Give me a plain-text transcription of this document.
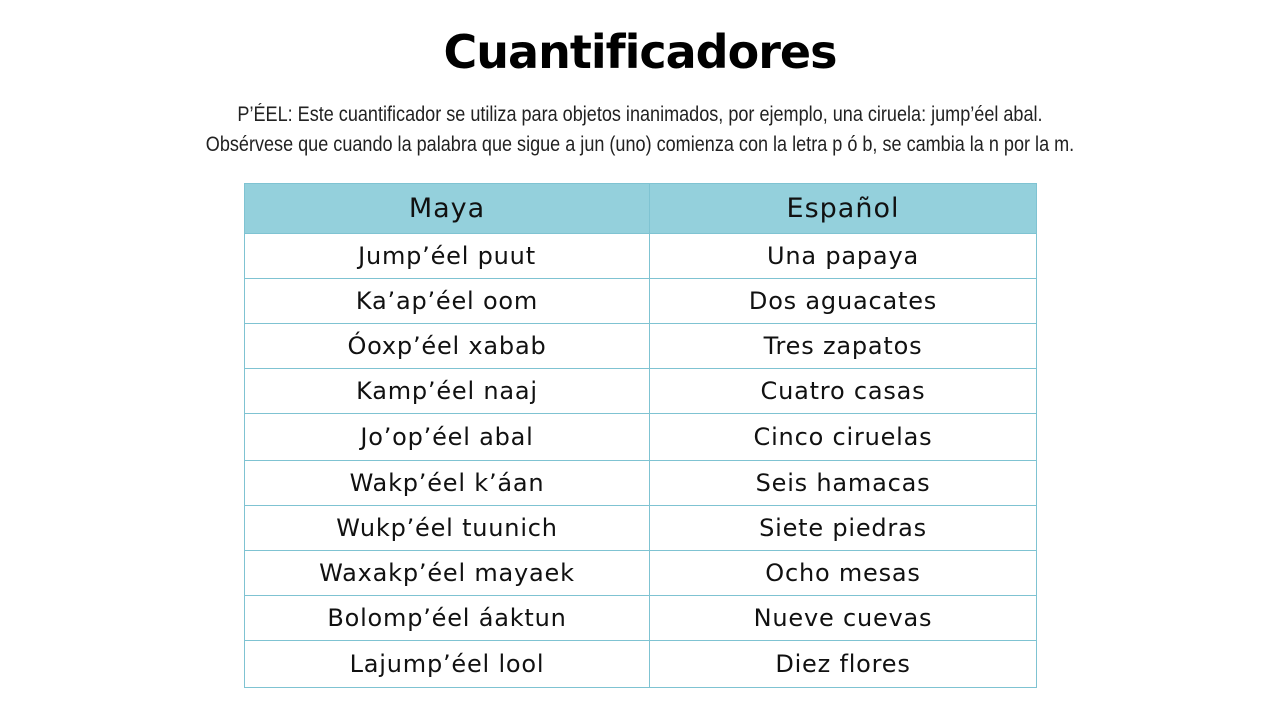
Cuantificadores
P’ÉEL: Este cuantificador se utiliza para objetos inanimados, por ejemplo, una ciruela: jump’éel abal.
Obsérvese que cuando la palabra que sigue a jun (uno) comienza con la letra p ó b, se cambia la n por la m.
Maya	Español
Jump’éel puut	Una papaya
Ka’ap’éel oom	Dos aguacates
Óoxp’éel xabab	Tres zapatos
Kamp’éel naaj	Cuatro casas
Jo’op’éel abal	Cinco ciruelas
Wakp’éel k’áan	Seis hamacas
Wukp’éel tuunich	Siete piedras
Waxakp’éel mayaek	Ocho mesas
Bolomp’éel áaktun	Nueve cuevas
Lajump’éel lool	Diez flores
